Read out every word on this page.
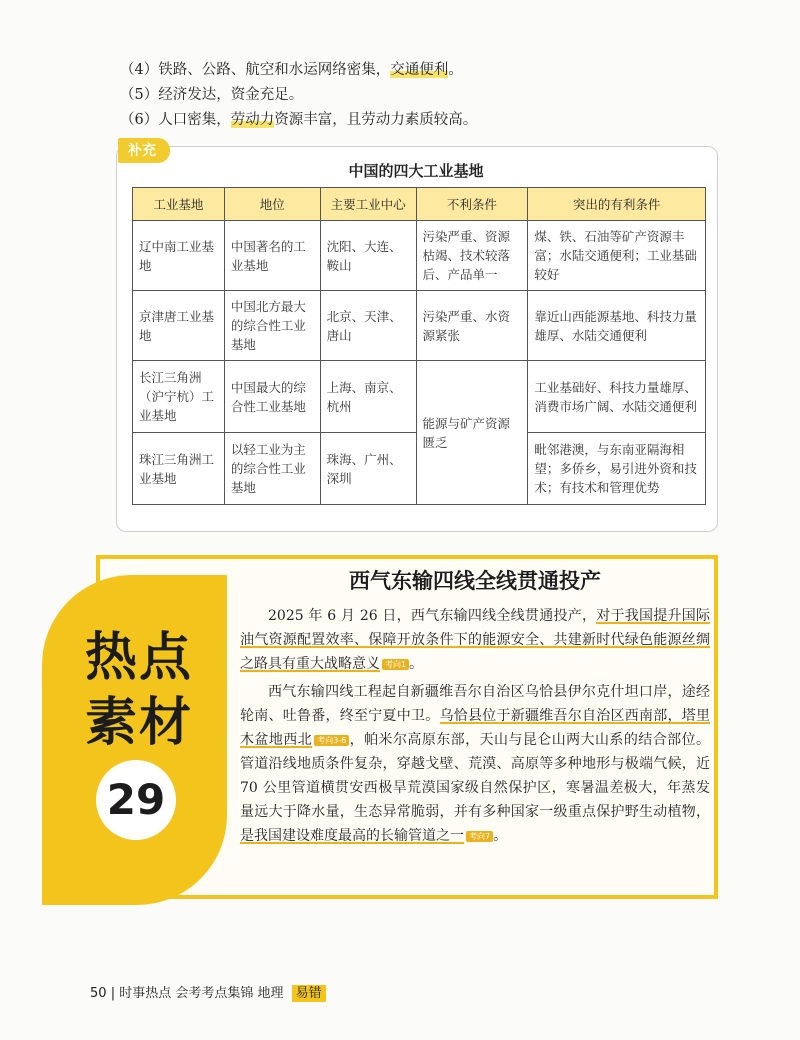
（4）铁路、公路、航空和水运网络密集，交通便利。

（5）经济发达，资金充足。

（6）人口密集，劳动力资源丰富，且劳动力素质较高。

补充
中国的四大工业基地
工业基地	地位	主要工业中心	不利条件	突出的有利条件
辽中南工业基地	中国著名的工业基地	沈阳、大连、鞍山	污染严重、资源枯竭、技术较落后、产品单一	煤、铁、石油等矿产资源丰富；水陆交通便利；工业基础较好
京津唐工业基地	中国北方最大的综合性工业基地	北京、天津、唐山	污染严重、水资源紧张	靠近山西能源基地、科技力量雄厚、水陆交通便利
长江三角洲（沪宁杭）工业基地	中国最大的综合性工业基地	上海、南京、杭州	能源与矿产资源匮乏	工业基础好、科技力量雄厚、消费市场广阔、水陆交通便利
珠江三角洲工业基地	以轻工业为主的综合性工业基地	珠海、广州、深圳		毗邻港澳，与东南亚隔海相望；多侨乡，易引进外资和技术；有技术和管理优势
热点
素材
29
西气东输四线全线贯通投产

2025 年 6 月 26 日，西气东输四线全线贯通投产，对于我国提升国际油气资源配置效率、保障开放条件下的能源安全、共建新时代绿色能源丝绸之路具有重大战略意义 考向1 。

西气东输四线工程起自新疆维吾尔自治区乌恰县伊尔克什坦口岸，途经轮南、吐鲁番，终至宁夏中卫。乌恰县位于新疆维吾尔自治区西南部，塔里木盆地西北 考向3-6 ，帕米尔高原东部，天山与昆仑山两大山系的结合部位。管道沿线地质条件复杂，穿越戈壁、荒漠、高原等多种地形与极端气候，近 70 公里管道横贯安西极旱荒漠国家级自然保护区，寒暑温差极大，年蒸发量远大于降水量，生态异常脆弱，并有多种国家一级重点保护野生动植物，是我国建设难度最高的长输管道之一 考向7 。

50 | 时事热点 会考考点集锦 地理 易错
